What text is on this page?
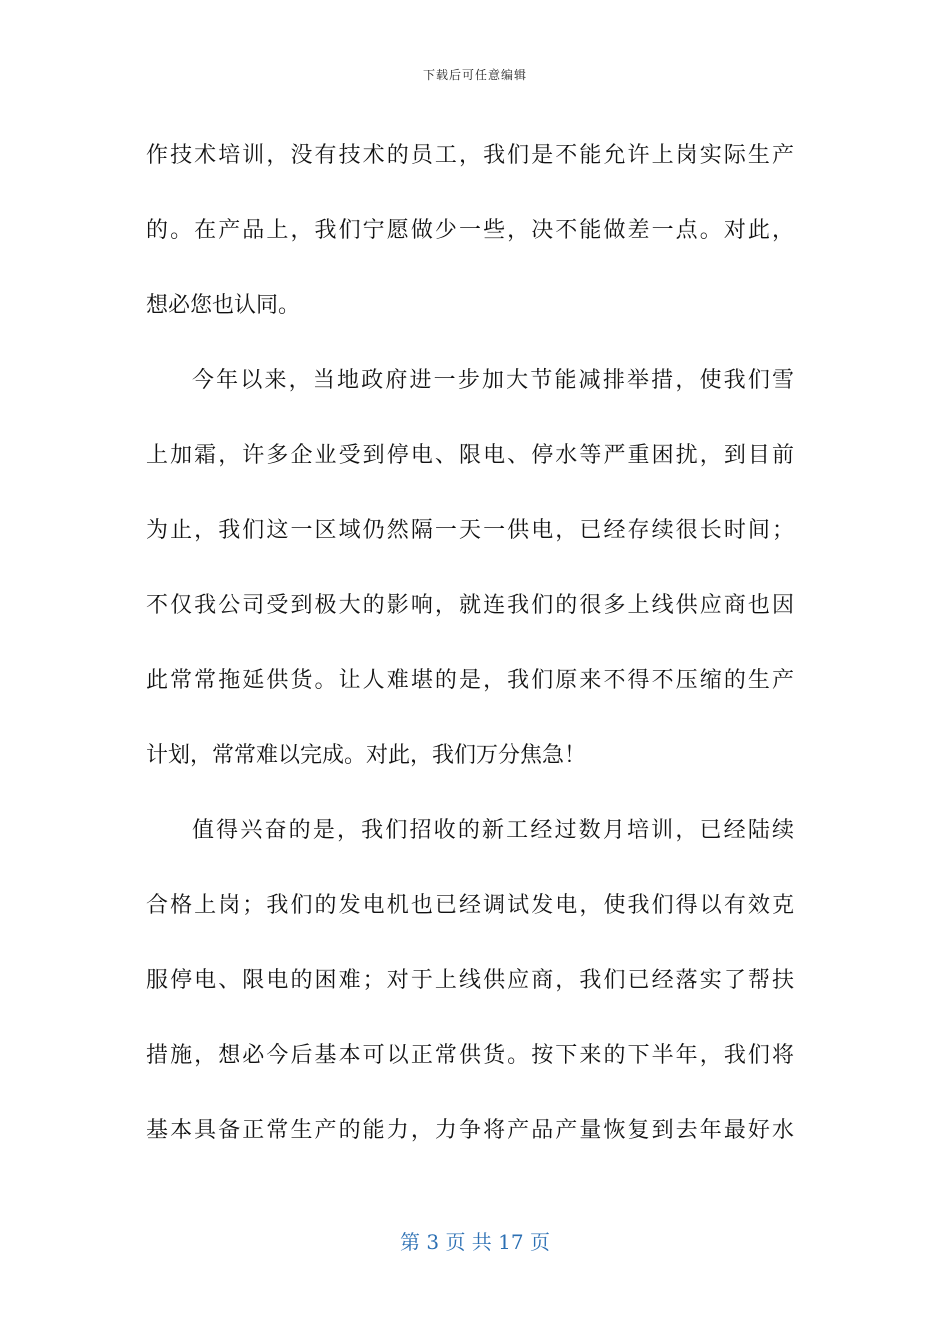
下载后可任意编辑
作技术培训，没有技术的员工，我们是不能允许上岗实际生产
的。在产品上，我们宁愿做少一些，决不能做差一点。对此，
想必您也认同。
今年以来，当地政府进一步加大节能减排举措，使我们雪
上加霜，许多企业受到停电、限电、停水等严重困扰，到目前
为止，我们这一区域仍然隔一天一供电，已经存续很长时间；
不仅我公司受到极大的影响，就连我们的很多上线供应商也因
此常常拖延供货。让人难堪的是，我们原来不得不压缩的生产
计划，常常难以完成。对此，我们万分焦急！
值得兴奋的是，我们招收的新工经过数月培训，已经陆续
合格上岗；我们的发电机也已经调试发电，使我们得以有效克
服停电、限电的困难；对于上线供应商，我们已经落实了帮扶
措施，想必今后基本可以正常供货。按下来的下半年，我们将
基本具备正常生产的能力，力争将产品产量恢复到去年最好水
第 3 页 共 17 页
